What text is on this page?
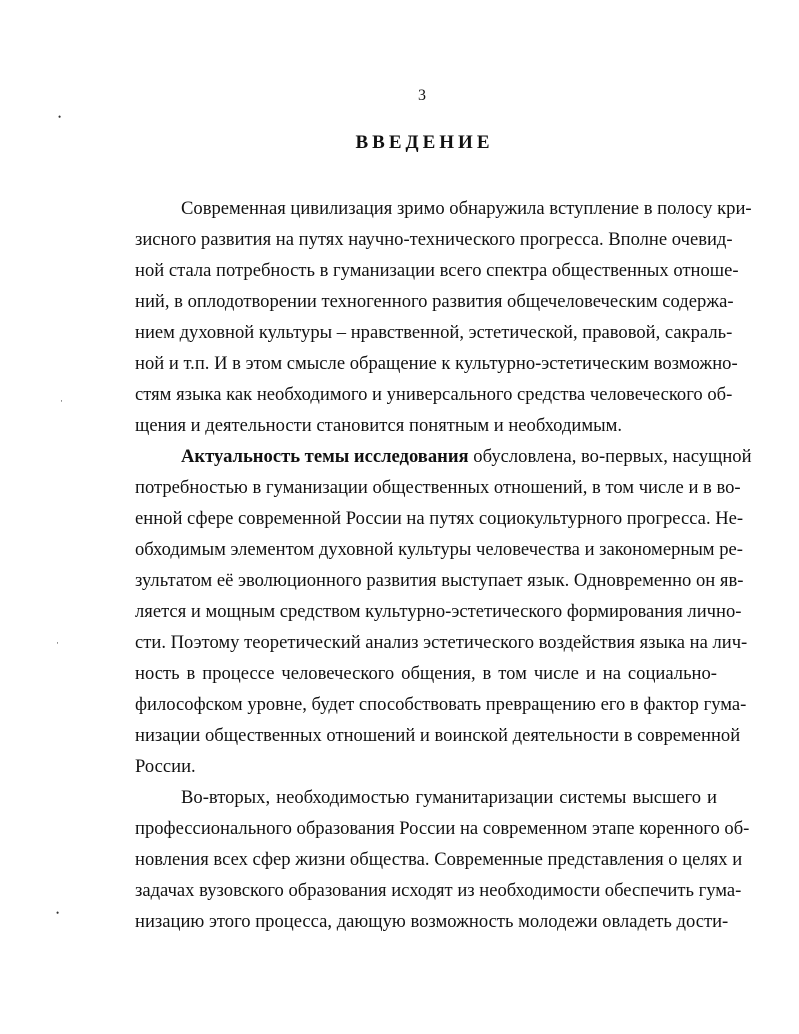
3
ВВЕДЕНИЕ
Современная цивилизация зримо обнаружила вступление в полосу кри-
зисного развития на путях научно-технического прогресса. Вполне очевид-
ной стала потребность в гуманизации всего спектра общественных отноше-
ний, в оплодотворении техногенного развития общечеловеческим содержа-
нием духовной культуры – нравственной, эстетической, правовой, сакраль-
ной и т.п. И в этом смысле обращение к культурно-эстетическим возможно-
стям языка как необходимого и универсального средства человеческого об-
щения и деятельности становится понятным и необходимым.
Актуальность темы исследования обусловлена, во-первых, насущной
потребностью в гуманизации общественных отношений, в том числе и в во-
енной сфере современной России на путях социокультурного прогресса. Не-
обходимым элементом духовной культуры человечества и закономерным ре-
зультатом её эволюционного развития выступает язык. Одновременно он яв-
ляется и мощным средством культурно-эстетического формирования лично-
сти. Поэтому теоретический анализ эстетического воздействия языка на лич-
ность в процессе человеческого общения, в том числе и на социально-
философском уровне, будет способствовать превращению его в фактор гума-
низации общественных отношений и воинской деятельности в современной
России.
Во-вторых, необходимостью гуманитаризации системы высшего и
профессионального образования России на современном этапе коренного об-
новления всех сфер жизни общества. Современные представления о целях и
задачах вузовского образования исходят из необходимости обеспечить гума-
низацию этого процесса, дающую возможность молодежи овладеть дости-
•
·
·
•
